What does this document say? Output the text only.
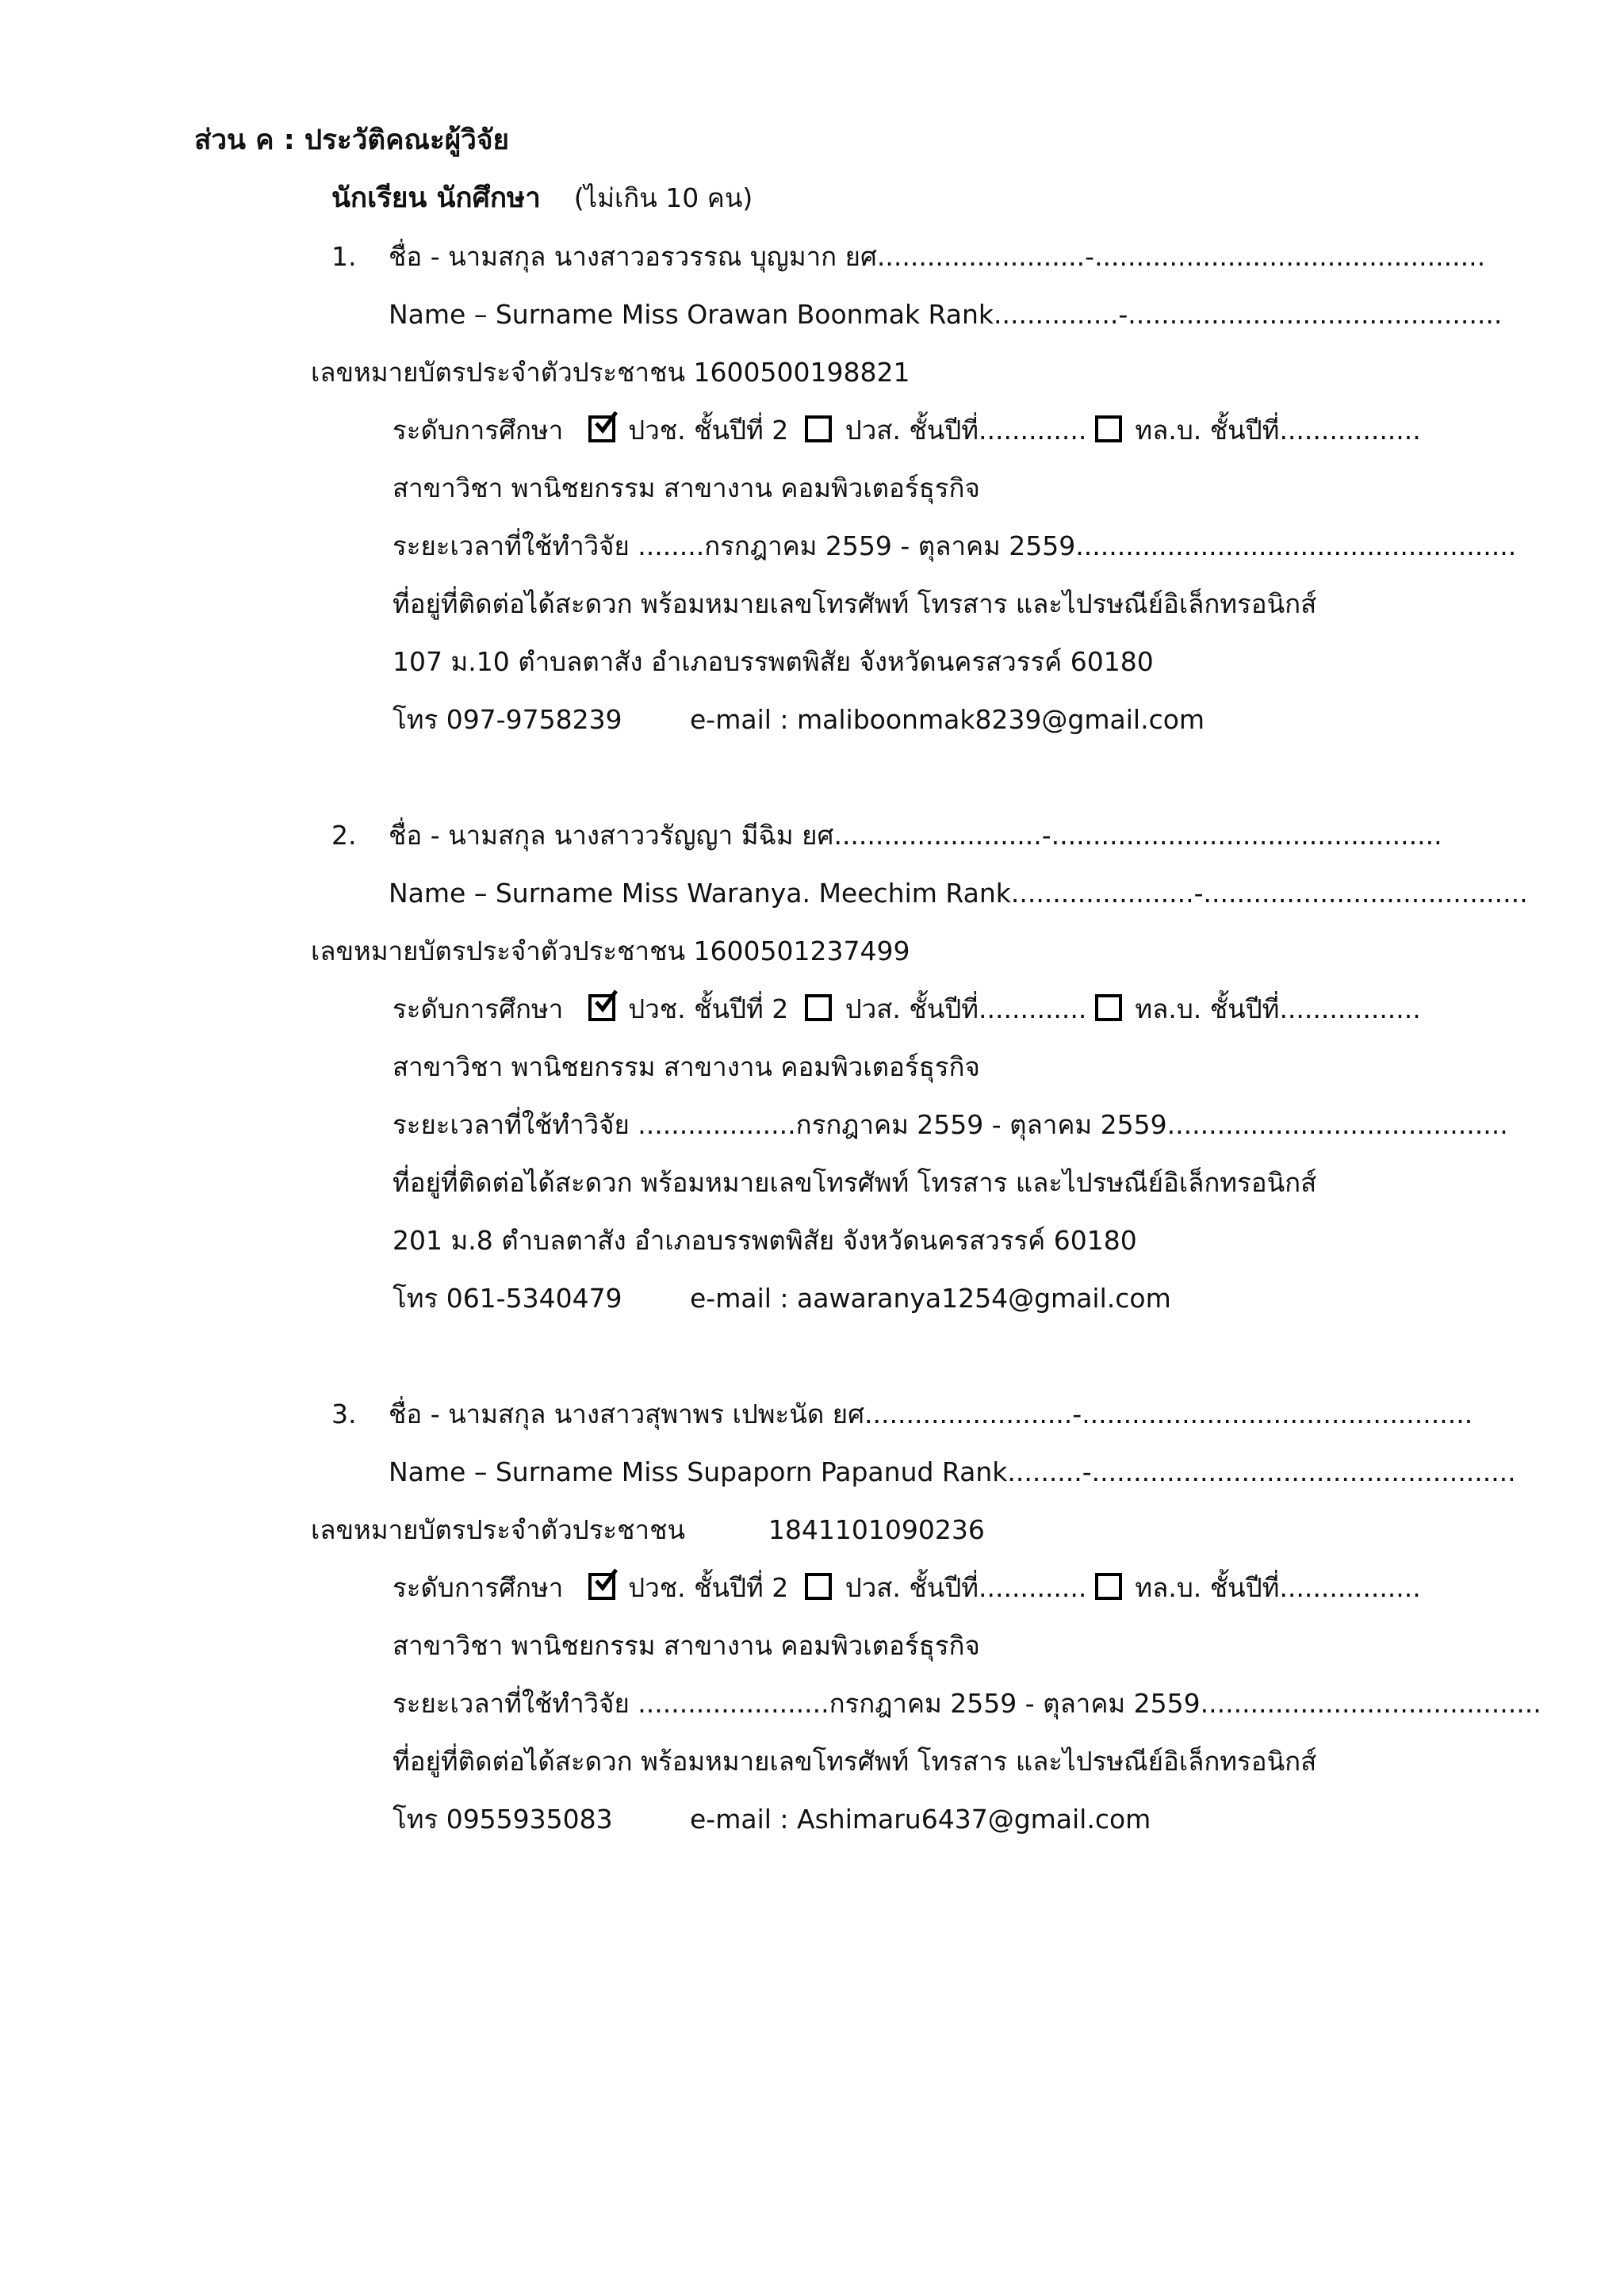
ส่วน ค : ประวัติคณะผู้วิจัย
นักเรียน นักศึกษา (ไม่เกิน 10 คน)
1. ชื่อ - นามสกุล นางสาวอรวรรณ บุญมาก ยศ.........................-...............................................
Name – Surname Miss Orawan Boonmak Rank...............-.............................................
เลขหมายบัตรประจำตัวประชาชน 1600500198821
ระดับการศึกษา ปวช. ชั้นปีที่ 2 ปวส. ชั้นปีที่............. ทล.บ. ชั้นปีที่.................
สาขาวิชา พานิชยกรรม สาขางาน คอมพิวเตอร์ธุรกิจ
ระยะเวลาที่ใช้ทำวิจัย ........กรกฎาคม 2559 - ตุลาคม 2559.....................................................
ที่อยู่ที่ติดต่อได้สะดวก พร้อมหมายเลขโทรศัพท์ โทรสาร และไปรษณีย์อิเล็กทรอนิกส์
107 ม.10 ตำบลตาสัง อำเภอบรรพตพิสัย จังหวัดนครสวรรค์ 60180
โทร 097-9758239	e-mail : maliboonmak8239@gmail.com
2. ชื่อ - นามสกุล นางสาววรัญญา มีฉิม ยศ.........................-...............................................
Name – Surname Miss Waranya. Meechim Rank......................-.......................................
เลขหมายบัตรประจำตัวประชาชน 1600501237499
ระดับการศึกษา ปวช. ชั้นปีที่ 2 ปวส. ชั้นปีที่............. ทล.บ. ชั้นปีที่.................
สาขาวิชา พานิชยกรรม สาขางาน คอมพิวเตอร์ธุรกิจ
ระยะเวลาที่ใช้ทำวิจัย ...................กรกฎาคม 2559 - ตุลาคม 2559.........................................
ที่อยู่ที่ติดต่อได้สะดวก พร้อมหมายเลขโทรศัพท์ โทรสาร และไปรษณีย์อิเล็กทรอนิกส์
201 ม.8 ตำบลตาสัง อำเภอบรรพตพิสัย จังหวัดนครสวรรค์ 60180
โทร 061-5340479	e-mail : aawaranya1254@gmail.com
3. ชื่อ - นามสกุล นางสาวสุพาพร เปพะนัด ยศ.........................-...............................................
Name – Surname Miss Supaporn Papanud Rank.........-...................................................
เลขหมายบัตรประจำตัวประชาชน          1841101090236
ระดับการศึกษา ปวช. ชั้นปีที่ 2 ปวส. ชั้นปีที่............. ทล.บ. ชั้นปีที่.................
สาขาวิชา พานิชยกรรม สาขางาน คอมพิวเตอร์ธุรกิจ
ระยะเวลาที่ใช้ทำวิจัย .......................กรกฎาคม 2559 - ตุลาคม 2559.........................................
ที่อยู่ที่ติดต่อได้สะดวก พร้อมหมายเลขโทรศัพท์ โทรสาร และไปรษณีย์อิเล็กทรอนิกส์
โทร 0955935083	e-mail : Ashimaru6437@gmail.com
